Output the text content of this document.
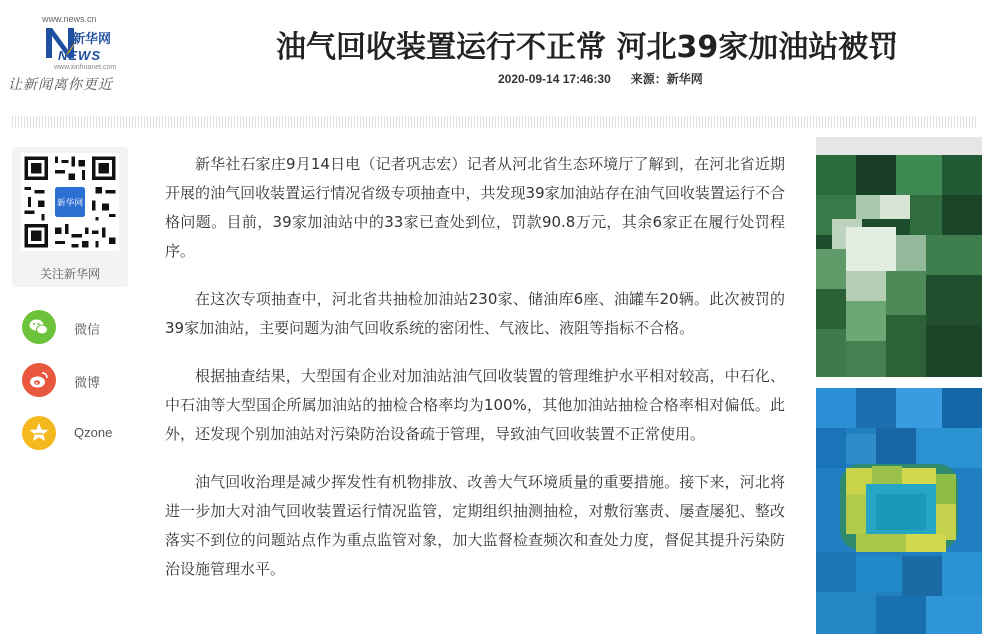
www.news.cn
新华网
NEWS
www.xinhuanet.com
让新闻离你更近
油气回收装置运行不正常 河北39家加油站被罚
2020-09-14 17:46:30 来源：新华网
新华网
关注新华网
微信
微博
Qzone

新华社石家庄9月14日电（记者巩志宏）记者从河北省生态环境厅了解到，在河北省近期开展的油气回收装置运行情况省级专项抽查中，共发现39家加油站存在油气回收装置运行不合格问题。目前，39家加油站中的33家已查处到位，罚款90.8万元，其余6家正在履行处罚程序。

在这次专项抽查中，河北省共抽检加油站230家、储油库6座、油罐车20辆。此次被罚的39家加油站，主要问题为油气回收系统的密闭性、气液比、液阻等指标不合格。

根据抽查结果，大型国有企业对加油站油气回收装置的管理维护水平相对较高，中石化、中石油等大型国企所属加油站的抽检合格率均为100%，其他加油站抽检合格率相对偏低。此外，还发现个别加油站对污染防治设备疏于管理，导致油气回收装置不正常使用。

油气回收治理是减少挥发性有机物排放、改善大气环境质量的重要措施。接下来，河北将进一步加大对油气回收装置运行情况监管，定期组织抽测抽检，对敷衍塞责、屡查屡犯、整改落实不到位的问题站点作为重点监管对象，加大监督检查频次和查处力度，督促其提升污染防治设施管理水平。
